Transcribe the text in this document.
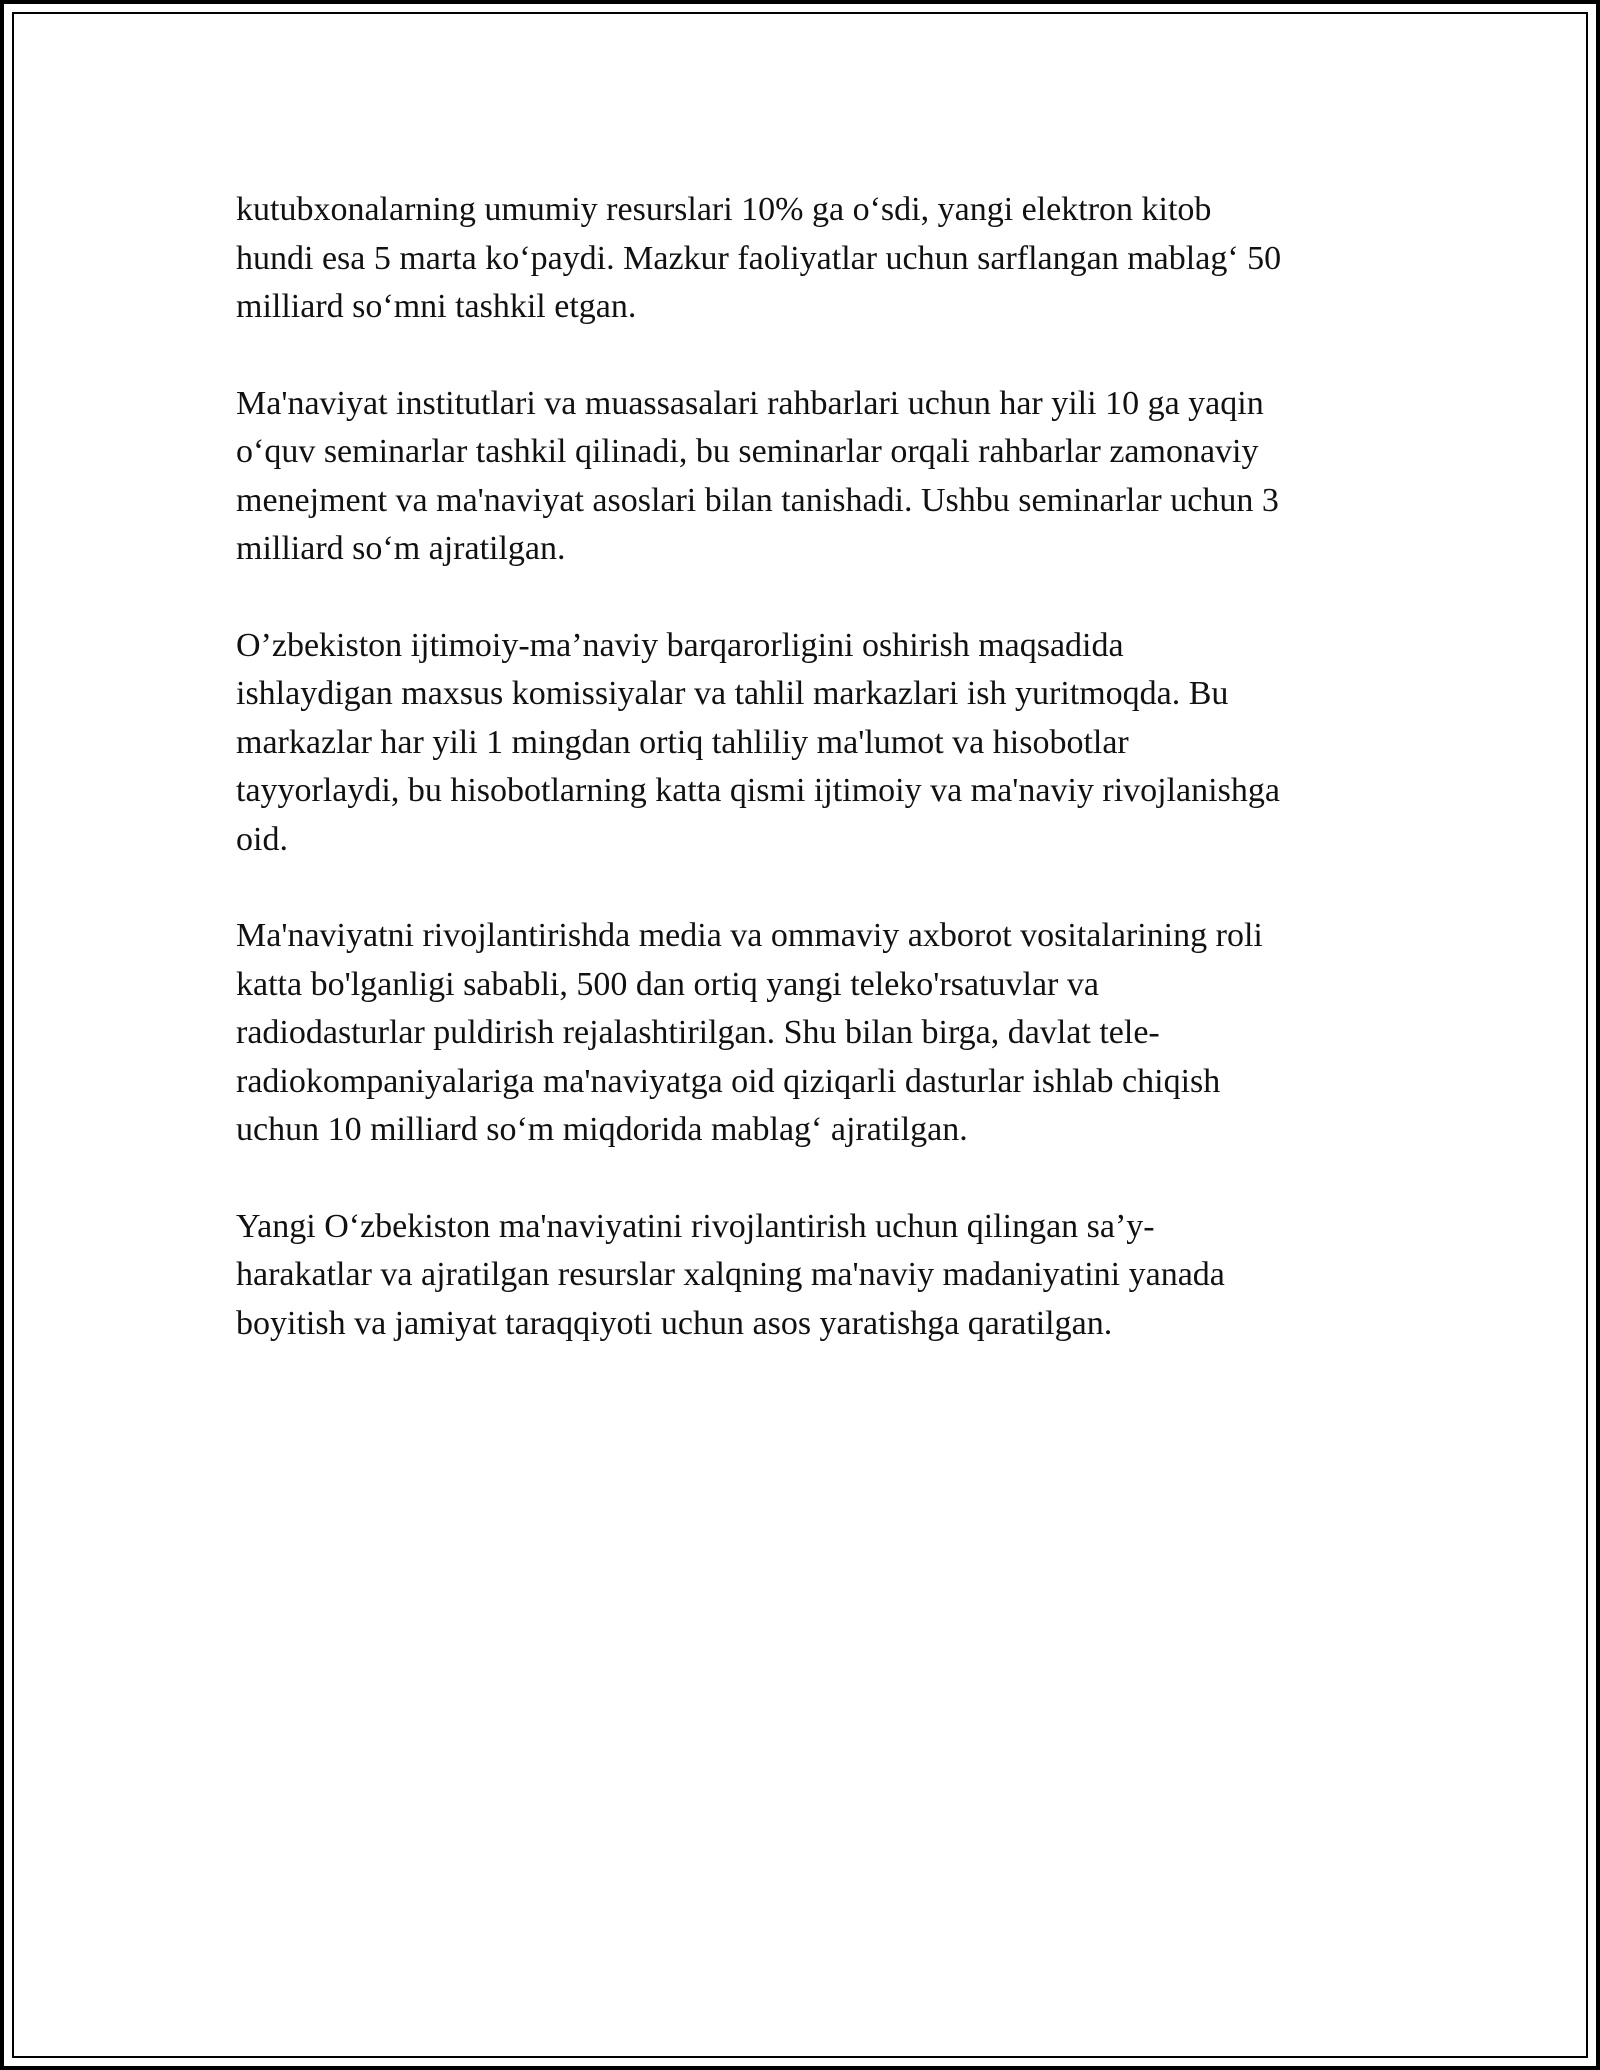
kutubxonalarning umumiy resurslari 10% ga o‘sdi, yangi elektron kitob
hundi esa 5 marta ko‘paydi. Mazkur faoliyatlar uchun sarflangan mablag‘ 50
milliard so‘mni tashkil etgan.

Ma'naviyat institutlari va muassasalari rahbarlari uchun har yili 10 ga yaqin
o‘quv seminarlar tashkil qilinadi, bu seminarlar orqali rahbarlar zamonaviy
menejment va ma'naviyat asoslari bilan tanishadi. Ushbu seminarlar uchun 3
milliard so‘m ajratilgan.

O’zbekiston ijtimoiy-ma’naviy barqarorligini oshirish maqsadida
ishlaydigan maxsus komissiyalar va tahlil markazlari ish yuritmoqda. Bu
markazlar har yili 1 mingdan ortiq tahliliy ma'lumot va hisobotlar
tayyorlaydi, bu hisobotlarning katta qismi ijtimoiy va ma'naviy rivojlanishga
oid.

Ma'naviyatni rivojlantirishda media va ommaviy axborot vositalarining roli
katta bo'lganligi sababli, 500 dan ortiq yangi teleko'rsatuvlar va
radiodasturlar puldirish rejalashtirilgan. Shu bilan birga, davlat tele-
radiokompaniyalariga ma'naviyatga oid qiziqarli dasturlar ishlab chiqish
uchun 10 milliard so‘m miqdorida mablag‘ ajratilgan.

Yangi O‘zbekiston ma'naviyatini rivojlantirish uchun qilingan sa’y-
harakatlar va ajratilgan resurslar xalqning ma'naviy madaniyatini yanada
boyitish va jamiyat taraqqiyoti uchun asos yaratishga qaratilgan.
